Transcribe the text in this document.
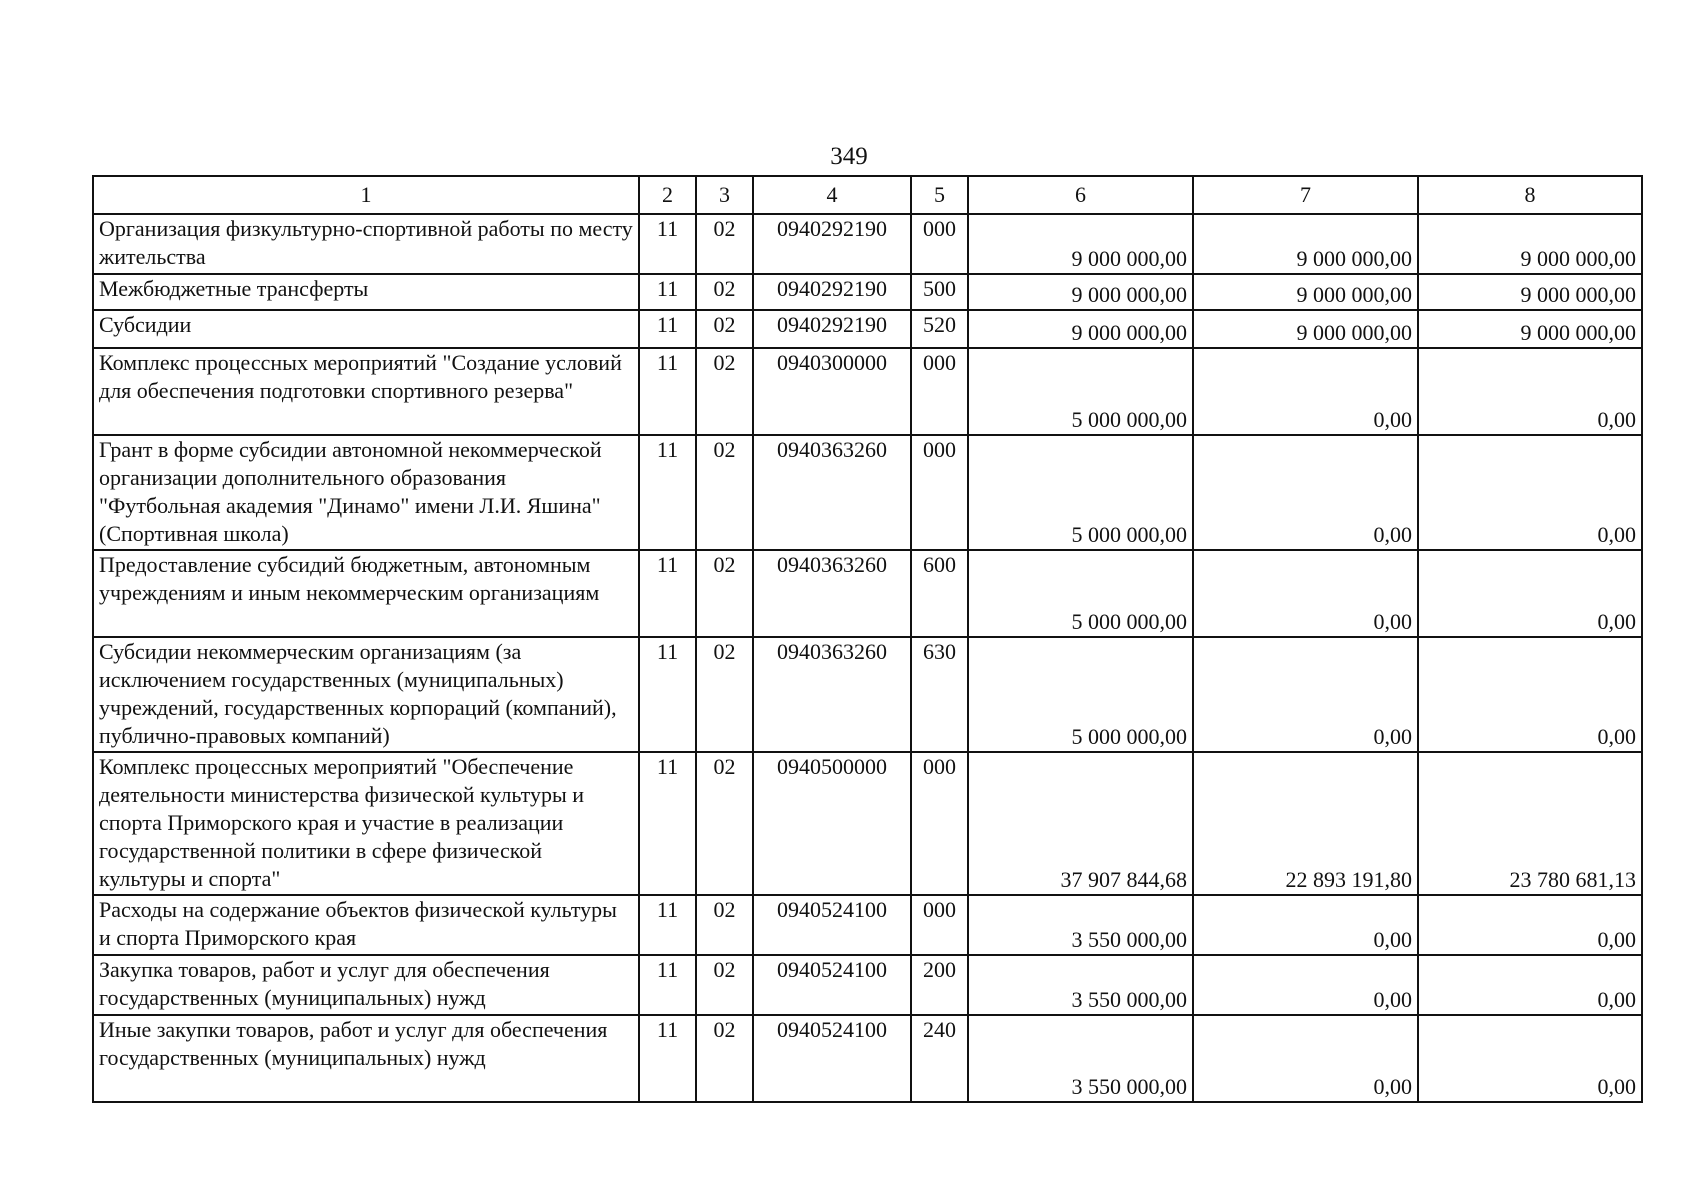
349
1	2	3	4	5	6	7	8
Организация физкультурно-спортивной работы по месту жительства	11	02	0940292190	000	9 000 000,00	9 000 000,00	9 000 000,00
Межбюджетные трансферты	11	02	0940292190	500	9 000 000,00	9 000 000,00	9 000 000,00
Субсидии	11	02	0940292190	520	9 000 000,00	9 000 000,00	9 000 000,00
Комплекс процессных мероприятий "Создание условий для обеспечения подготовки спортивного резерва"	11	02	0940300000	000	5 000 000,00	0,00	0,00
Грант в форме субсидии автономной некоммерческой организации дополнительного образования "Футбольная академия "Динамо" имени Л.И. Яшина" (Спортивная школа)	11	02	0940363260	000	5 000 000,00	0,00	0,00
Предоставление субсидий бюджетным, автономным учреждениям и иным некоммерческим организациям	11	02	0940363260	600	5 000 000,00	0,00	0,00
Субсидии некоммерческим организациям (за исключением государственных (муниципальных) учреждений, государственных корпораций (компаний), публично-правовых компаний)	11	02	0940363260	630	5 000 000,00	0,00	0,00
Комплекс процессных мероприятий "Обеспечение деятельности министерства физической культуры и спорта Приморского края и участие в реализации государственной политики в сфере физической культуры и спорта"	11	02	0940500000	000	37 907 844,68	22 893 191,80	23 780 681,13
Расходы на содержание объектов физической культуры и спорта Приморского края	11	02	0940524100	000	3 550 000,00	0,00	0,00
Закупка товаров, работ и услуг для обеспечения государственных (муниципальных) нужд	11	02	0940524100	200	3 550 000,00	0,00	0,00
Иные закупки товаров, работ и услуг для обеспечения государственных (муниципальных) нужд	11	02	0940524100	240	3 550 000,00	0,00	0,00
